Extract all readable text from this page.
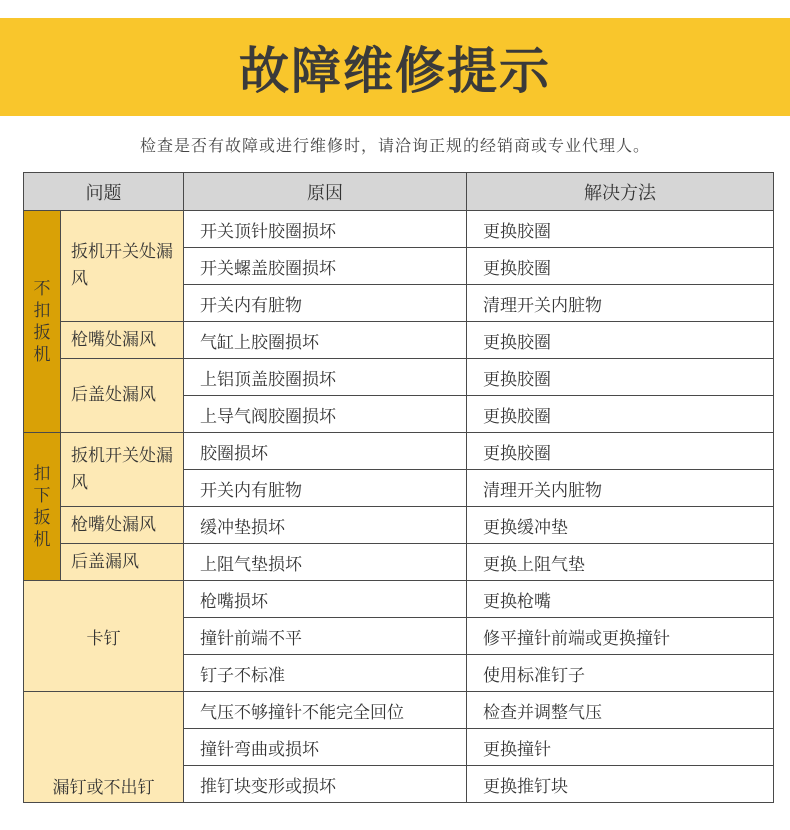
故障维修提示
检查是否有故障或进行维修时，请洽询正规的经销商或专业代理人。
问题		原因	解决方法
不扣扳机	扳机开关处漏风	开关顶针胶圈损坏	更换胶圈
		开关螺盖胶圈损坏	更换胶圈
		开关内有脏物	清理开关内脏物
	枪嘴处漏风	气缸上胶圈损坏	更换胶圈
	后盖处漏风	上铝顶盖胶圈损坏	更换胶圈
		上导气阀胶圈损坏	更换胶圈
扣下扳机	扳机开关处漏风	胶圈损坏	更换胶圈
		开关内有脏物	清理开关内脏物
	枪嘴处漏风	缓冲垫损坏	更换缓冲垫
	后盖漏风	上阻气垫损坏	更换上阻气垫
卡钉		枪嘴损坏	更换枪嘴
		撞针前端不平	修平撞针前端或更换撞针
		钉子不标准	使用标准钉子
漏钉或不出钉		气压不够撞针不能完全回位	检查并调整气压
		撞针弯曲或损坏	更换撞针
		推钉块变形或损坏	更换推钉块
